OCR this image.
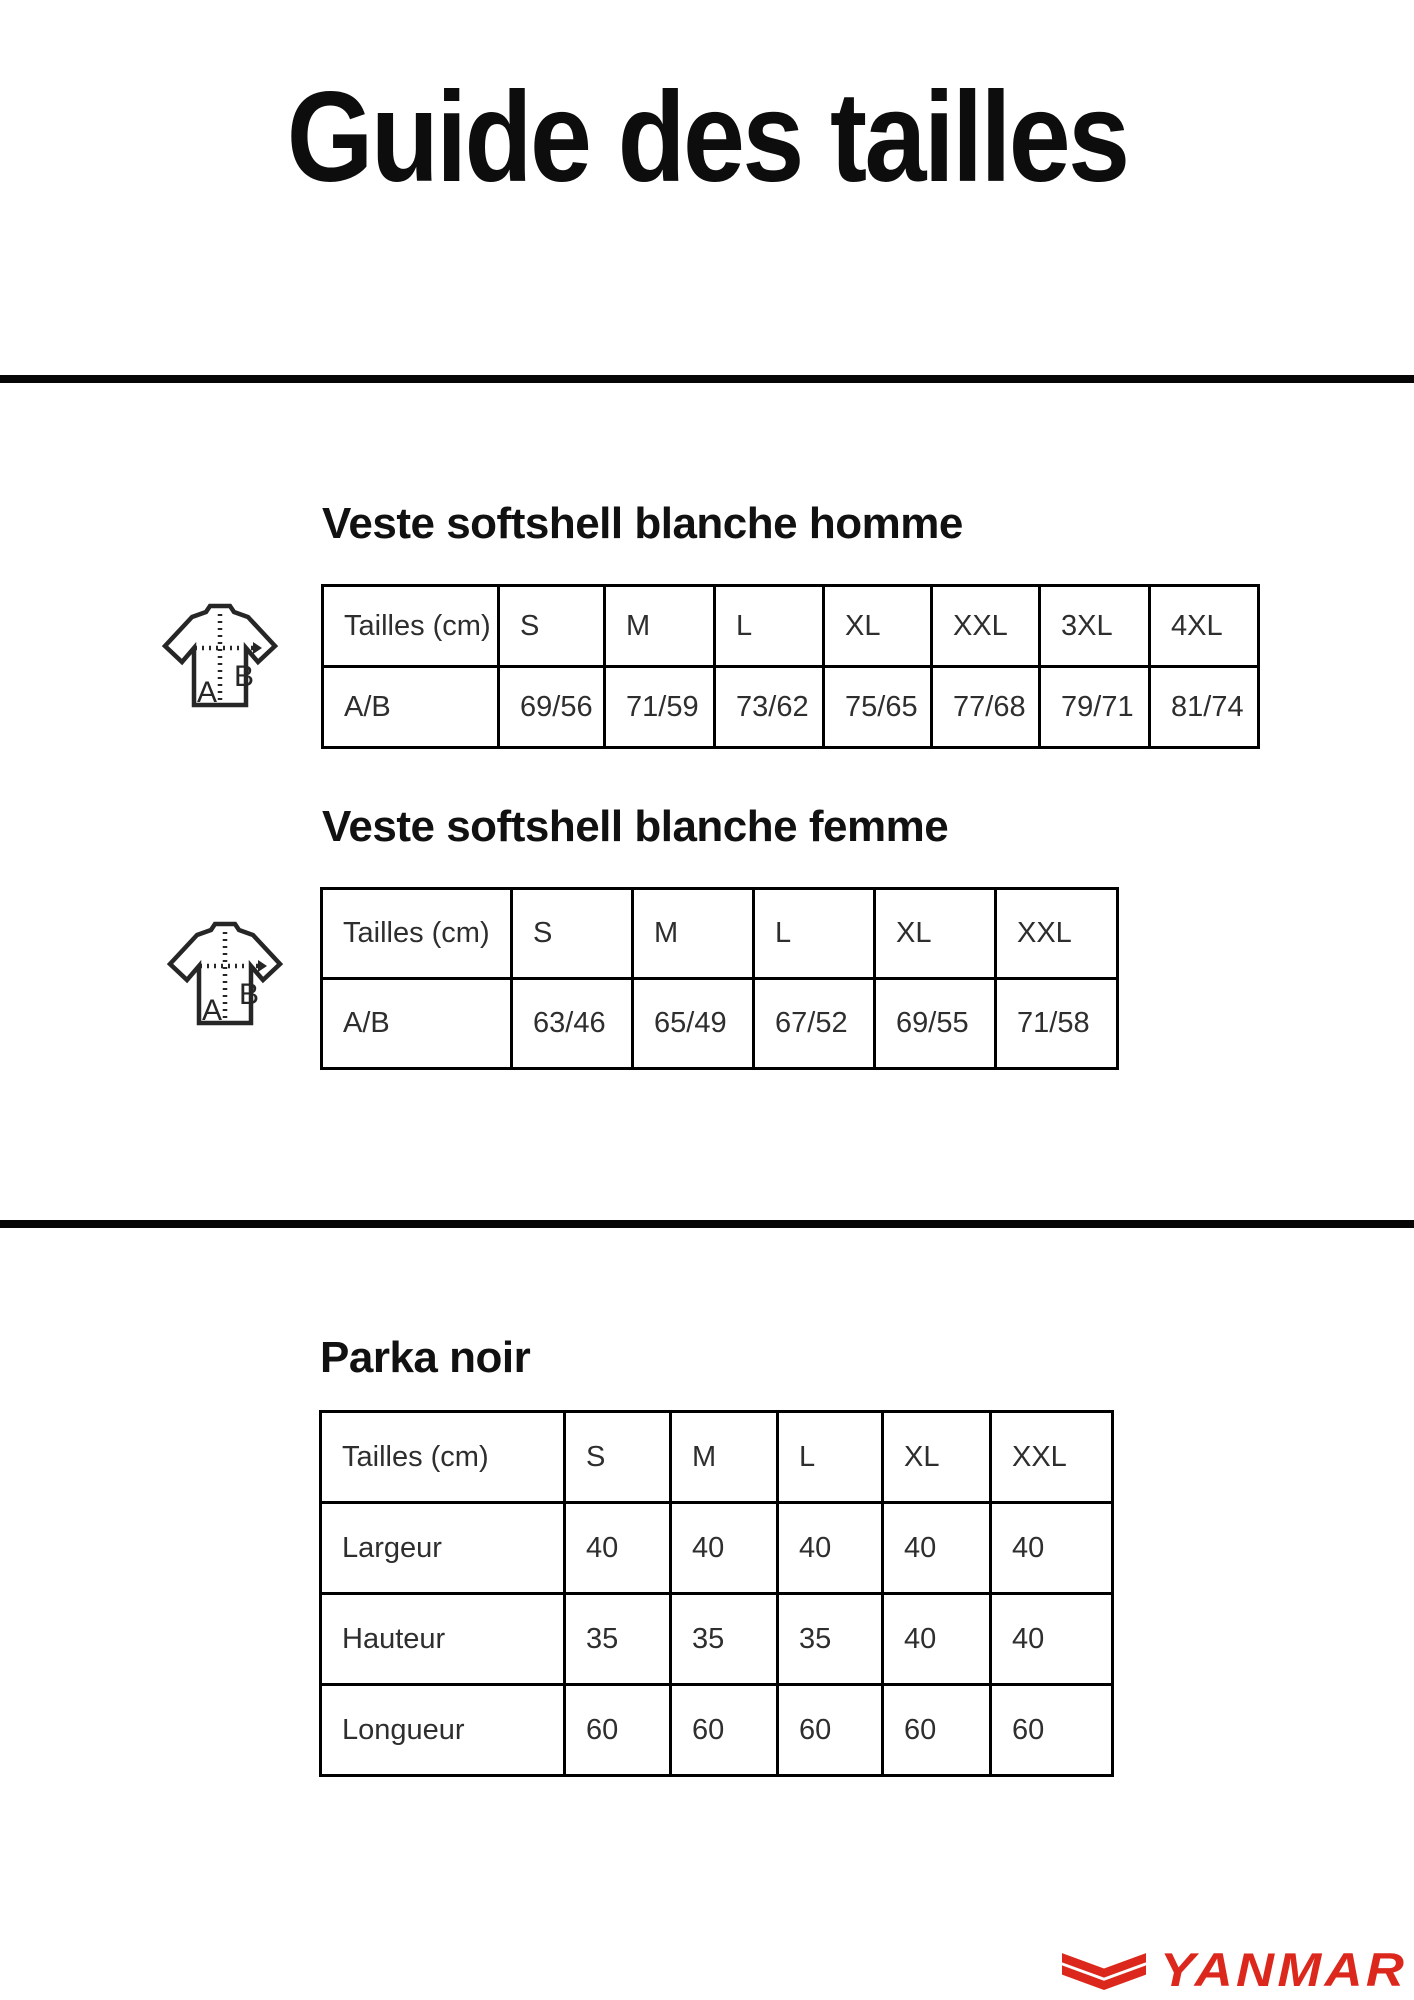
Guide des tailles
A B
Veste softshell blanche homme
Tailles (cm)	S	M	L	XL	XXL	3XL	4XL
A/B	69/56	71/59	73/62	75/65	77/68	79/71	81/74
A B
Veste softshell blanche femme
Tailles (cm)	S	M	L	XL	XXL
A/B	63/46	65/49	67/52	69/55	71/58
Parka noir
Tailles (cm)	S	M	L	XL	XXL
Largeur	40	40	40	40	40
Hauteur	35	35	35	40	40
Longueur	60	60	60	60	60
YANMAR
